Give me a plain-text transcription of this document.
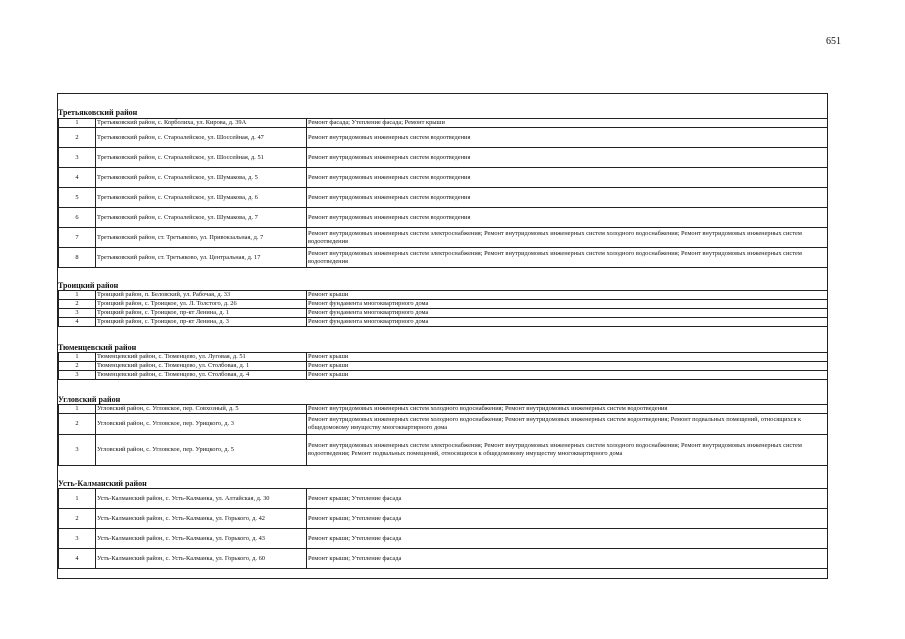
651
Третьяковский район
1	Третьяковский район, с. Корболиха, ул. Кирова, д. 39А	Ремонт фасада; Утепление фасада; Ремонт крыши
2	Третьяковский район, с. Староалейское, ул. Шоссейная, д. 47	Ремонт внутридомовых инженерных систем водоотведения
3	Третьяковский район, с. Староалейское, ул. Шоссейная, д. 51	Ремонт внутридомовых инженерных систем водоотведения
4	Третьяковский район, с. Староалейское, ул. Шумакова, д. 5	Ремонт внутридомовых инженерных систем водоотведения
5	Третьяковский район, с. Староалейское, ул. Шумакова, д. 6	Ремонт внутридомовых инженерных систем водоотведения
6	Третьяковский район, с. Староалейское, ул. Шумакова, д. 7	Ремонт внутридомовых инженерных систем водоотведения
7	Третьяковский район, ст. Третьяково, ул. Привокзальная, д. 7	Ремонт внутридомовых инженерных систем электроснабжения; Ремонт внутридомовых инженерных систем холодного водоснабжения; Ремонт внутридомовых инженерных систем водоотведения
8	Третьяковский район, ст. Третьяково, ул. Центральная, д. 17	Ремонт внутридомовых инженерных систем электроснабжения; Ремонт внутридомовых инженерных систем холодного водоснабжения; Ремонт внутридомовых инженерных систем водоотведения
Троицкий район
1	Троицкий район, п. Беловский, ул. Рабочая, д. 33	Ремонт крыши
2	Троицкий район, с. Троицкое, ул. Л. Толстого, д. 26	Ремонт фундамента многоквартирного дома
3	Троицкий район, с. Троицкое, пр-кт Ленина, д. 1	Ремонт фундамента многоквартирного дома
4	Троицкий район, с. Троицкое, пр-кт Ленина, д. 3	Ремонт фундамента многоквартирного дома
Тюменцевский район
1	Тюменцевский район, с. Тюменцево, ул. Луговая, д. 51	Ремонт крыши
2	Тюменцевский район, с. Тюменцево, ул. Столбовая, д. 1	Ремонт крыши
3	Тюменцевский район, с. Тюменцево, ул. Столбовая, д. 4	Ремонт крыши
Угловский район
1	Угловский район, с. Угловское, пер. Совхозный, д. 5	Ремонт внутридомовых инженерных систем холодного водоснабжения; Ремонт внутридомовых инженерных систем водоотведения
2	Угловский район, с. Угловское, пер. Урицкого, д. 3	Ремонт внутридомовых инженерных систем холодного водоснабжения; Ремонт внутридомовых инженерных систем водоотведения; Ремонт подвальных помещений, относящихся к общедомовому имуществу многоквартирного дома
3	Угловский район, с. Угловское, пер. Урицкого, д. 5	Ремонт внутридомовых инженерных систем электроснабжения; Ремонт внутридомовых инженерных систем холодного водоснабжения; Ремонт внутридомовых инженерных систем водоотведения; Ремонт подвальных помещений, относящихся к общедомовому имуществу многоквартирного дома
Усть-Калманский район
1	Усть-Калманский район, с. Усть-Калманка, ул. Алтайская, д. 30	Ремонт крыши; Утепление фасада
2	Усть-Калманский район, с. Усть-Калманка, ул. Горького, д. 42	Ремонт крыши; Утепление фасада
3	Усть-Калманский район, с. Усть-Калманка, ул. Горького, д. 43	Ремонт крыши; Утепление фасада
4	Усть-Калманский район, с. Усть-Калманка, ул. Горького, д. 60	Ремонт крыши; Утепление фасада
